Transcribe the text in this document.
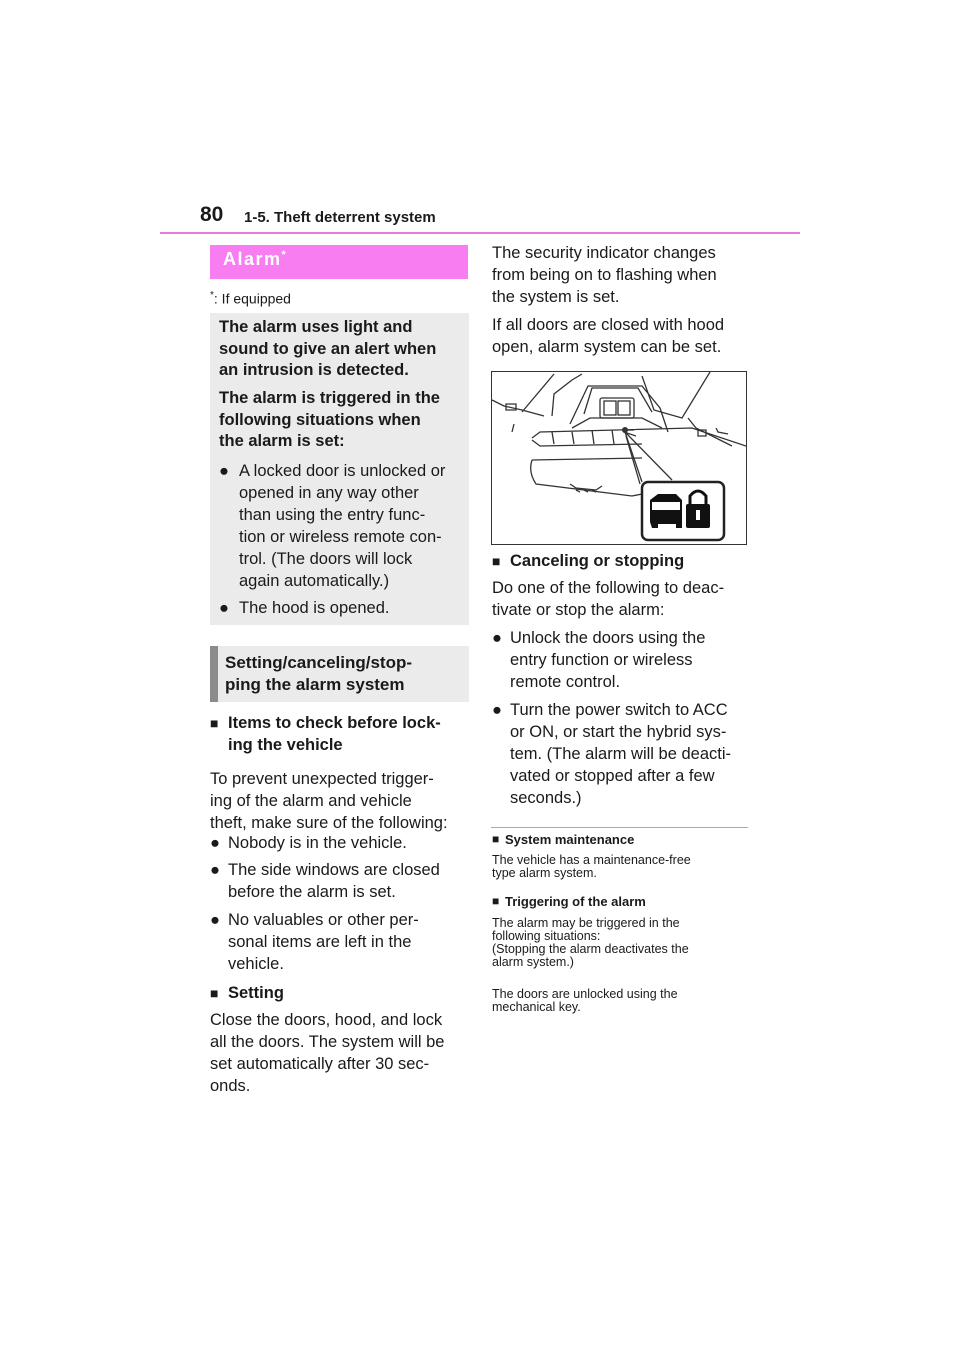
80 1-5. Theft deterrent system
Alarm*
*: If equipped
The alarm uses light and
sound to give an alert when
an intrusion is detected.
The alarm is triggered in the
following situations when
the alarm is set:
● A locked door is unlocked or
opened in any way other
than using the entry func-
tion or wireless remote con-
trol. (The doors will lock
again automatically.)
● The hood is opened.
Setting/canceling/stop-
ping the alarm system
■ Items to check before lock-
ing the vehicle
To prevent unexpected trigger-
ing of the alarm and vehicle
theft, make sure of the following:
● Nobody is in the vehicle.
● The side windows are closed
before the alarm is set.
● No valuables or other per-
sonal items are left in the
vehicle.
■ Setting
Close the doors, hood, and lock
all the doors. The system will be
set automatically after 30 sec-
onds.
The security indicator changes
from being on to flashing when
the system is set.
If all doors are closed with hood
open, alarm system can be set.
■ Canceling or stopping
Do one of the following to deac-
tivate or stop the alarm:
● Unlock the doors using the
entry function or wireless
remote control.
● Turn the power switch to ACC
or ON, or start the hybrid sys-
tem. (The alarm will be deacti-
vated or stopped after a few
seconds.)
■ System maintenance
The vehicle has a maintenance-free
type alarm system.
■ Triggering of the alarm
The alarm may be triggered in the
following situations:
(Stopping the alarm deactivates the
alarm system.)
The doors are unlocked using the
mechanical key.
